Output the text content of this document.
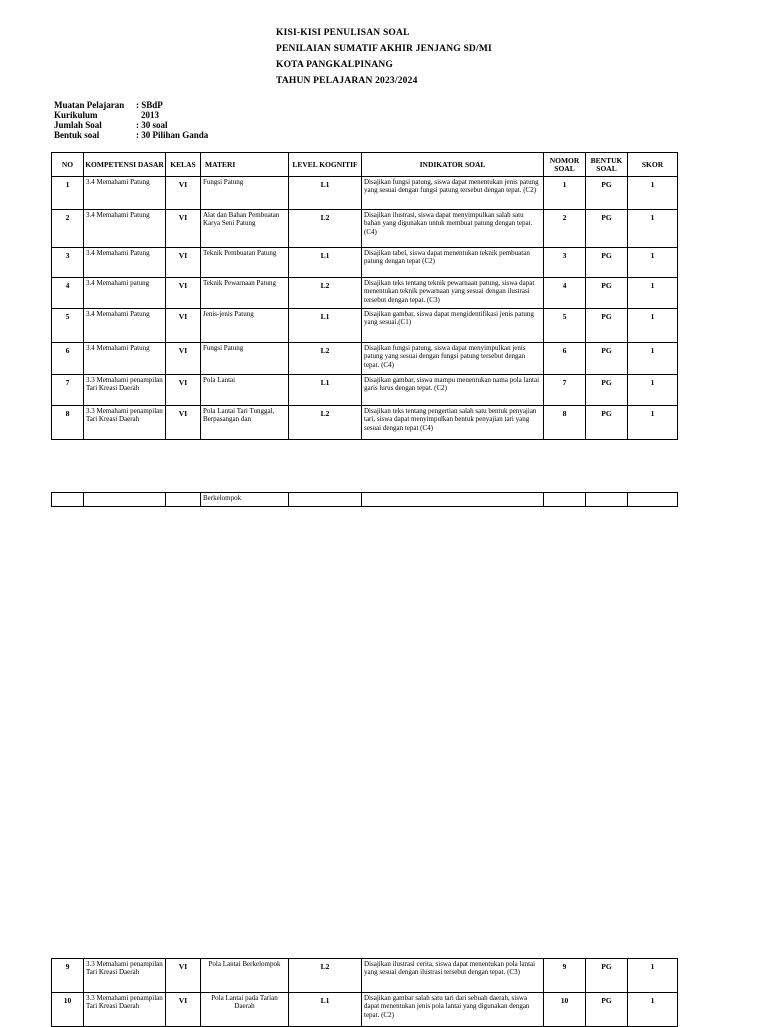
KISI-KISI PENULISAN SOAL
PENILAIAN SUMATIF AKHIR JENJANG SD/MI
KOTA PANGKALPINANG
TAHUN PELAJARAN 2023/2024
Muatan Pelajaran	: SBdP
Kurikulum	2013
Jumlah Soal	: 30 soal
Bentuk soal	: 30 Pilihan Ganda
NO	KOMPETENSI DASAR	KELAS	MATERI	LEVEL KOGNITIF	INDIKATOR SOAL	NOMOR SOAL	BENTUK SOAL	SKOR
1	3.4 Memahami Patung	VI	Fungsi Patung	L1	Disajikan fungsi patung, siswa dapat menentukan jenis patung yang sesuai dengan fungsi patung tersebut dengan tepat. (C2)	1	PG	1
2	3.4 Memahami Patung	VI	Alat dan Bahan Pembuatan Karya Seni Patung	L2	Disajikan ilustrasi, siswa dapat menyimpulkan salah satu bahan yang digunakan untuk membuat patung dengan tepat. (C4)	2	PG	1
3	3.4 Memahami Patung	VI	Teknik Pembuatan Patung	L1	Disajikan tabel, siswa dapat menentukan teknik pembuatan patung dengan tepat (C2)	3	PG	1
4	3.4 Memahami patung	VI	Teknik Pewarnaan Patung	L2	Disajikan teks tentang teknik pewarnaan patung, siswa dapat menentukan teknik pewarnaan yang sesuai dengan ilustrasi tersebut dengan tepat. (C3)	4	PG	1
5	3.4 Memahami Patung	VI	Jenis-jenis Patung	L1	Disajikan gambar, siswa dapat mengidentifikasi jenis patung yang sesuai.(C1)	5	PG	1
6	3.4 Memahami Patung	VI	Fungsi Patung	L2	Disajikan fungsi patung, siswa dapat menyimpulkan jenis patung yang sesuai dengan fungsi patung tersebut dengan tepat. (C4)	6	PG	1
7	3.3 Memahami penampilan Tari Kreasi Daerah	VI	Pola Lantai	L1	Disajikan gambar, siswa mampu menentukan nama pola lantai garis lurus dengan tepat. (C2)	7	PG	1
8	3.3 Memahami penampilan Tari Kreasi Daerah	VI	Pola Lantai Tari Tunggal, Berpasangan dan	L2	Disajikan teks tentang pengertian salah satu bentuk penyajian tari, siswa dapat menyimpulkan bentuk penyajian tari yang sesuai dengan tepat (C4)	8	PG	1
			Berkelompok					
9	3.3 Memahami penampilan Tari Kreasi Daerah	VI	Pola Lantai Berkelompok	L2	Disajikan ilustrasi cerita, siswa dapat menentukan pola lantai yang sesuai dengan ilustrasi tersebut dengan tepat. (C3)	9	PG	1
10	3.3 Memahami penampilan Tari Kreasi Daerah	VI	Pola Lantai pada Tarian Daerah	L1	Disajikan gambar salah satu tari dari sebuah daerah, siswa dapat menentukan jenis pola lantai yang digunakan dengan tepat. (C2)	10	PG	1
